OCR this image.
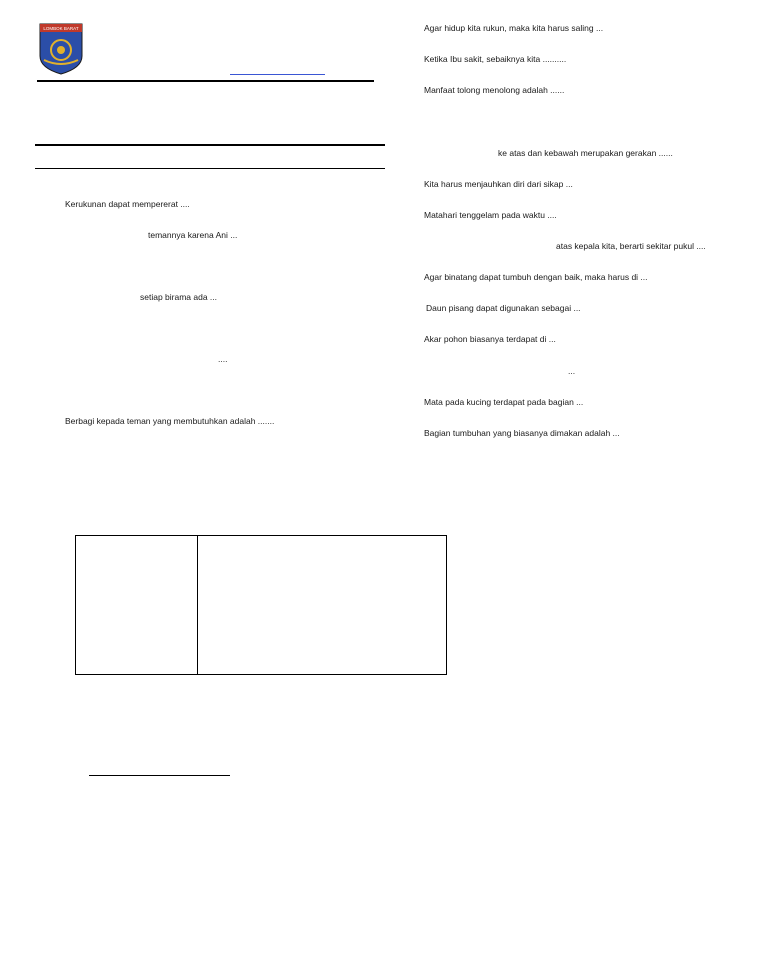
LOMBOK BARAT
Kerukunan dapat mempererat ....
temannya karena Ani ...
setiap birama ada ...
....
Berbagi kepada teman yang membutuhkan adalah .......
Agar hidup kita rukun, maka kita harus saling ...
Ketika Ibu sakit, sebaiknya kita ..........
Manfaat tolong menolong adalah ......
ke atas dan kebawah merupakan gerakan ......
Kita harus menjauhkan diri dari sikap ...
Matahari tenggelam pada waktu ....
atas kepala kita, berarti sekitar pukul ....
Agar binatang dapat tumbuh dengan baik, maka harus di ...
Daun pisang dapat digunakan sebagai ...
Akar pohon biasanya terdapat di ...
...
Mata pada kucing terdapat pada bagian ...
Bagian tumbuhan yang biasanya dimakan adalah ...
